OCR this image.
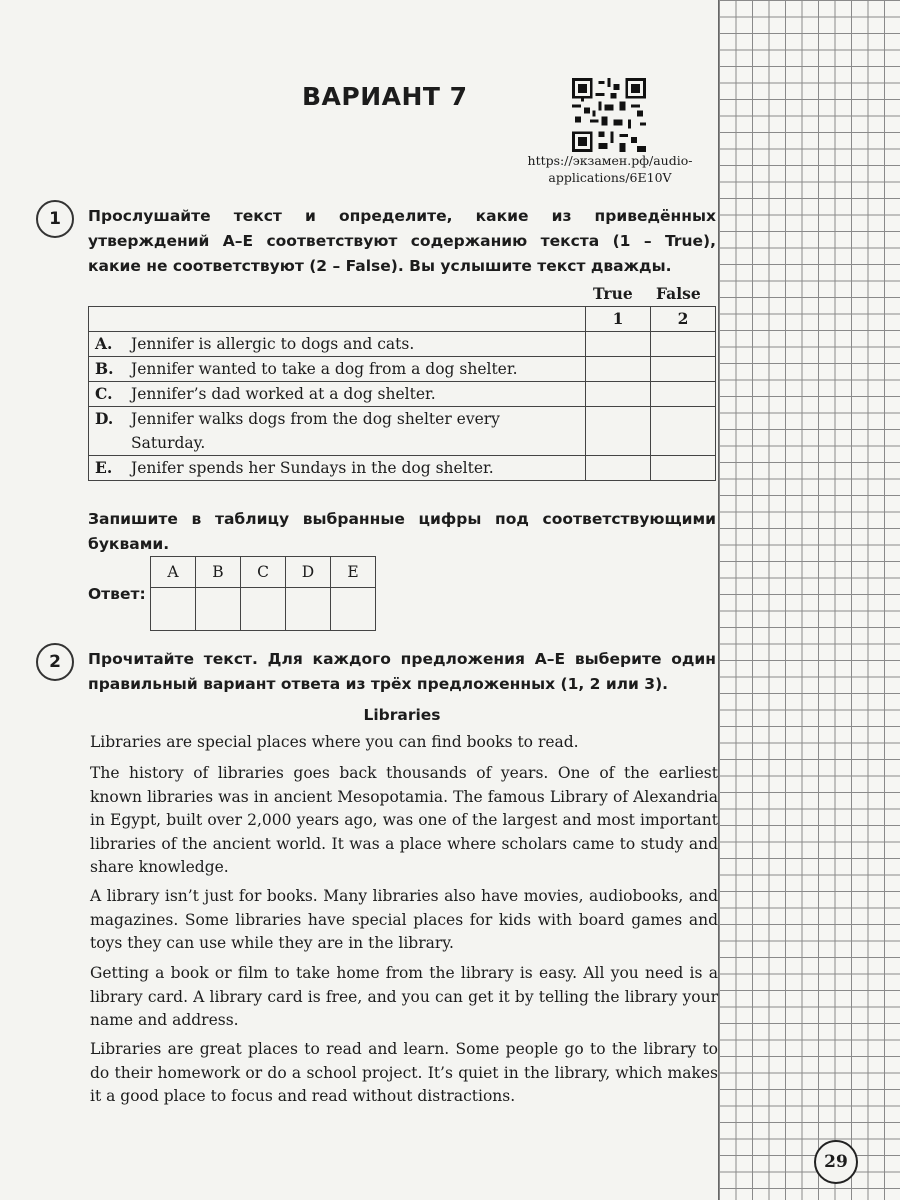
ВАРИАНТ 7
https://экзамен.рф/audio-applications/6E10V
1	Прослушайте текст и определите, какие из приведённых утверждений А–Е соответствуют содержанию текста (1 – True), какие не соответствуют (2 – False). Вы услышите текст дважды.
True False
	1	2

A. Jennifer is allergic to dogs and cats.		

B. Jennifer wanted to take a dog from a dog shelter.		

C. Jennifer’s dad worked at a dog shelter.		

D. Jennifer walks dogs from the dog shelter every Saturday.		

E. Jenifer spends her Sundays in the dog shelter.		

Запишите в таблицу выбранные цифры под соответствующими буквами.
Ответ:
A	B	C	D	E

2	Прочитайте текст. Для каждого предложения A–E выберите один правильный вариант ответа из трёх предложенных (1, 2 или 3).
Libraries
Libraries are special places where you can find books to read.
The history of libraries goes back thousands of years. One of the earliest known libraries was in ancient Mesopotamia. The famous Library of Alexandria in Egypt, built over 2,000 years ago, was one of the largest and most important libraries of the ancient world. It was a place where scholars came to study and share knowledge.
A library isn’t just for books. Many libraries also have movies, audiobooks, and magazines. Some libraries have special places for kids with board games and toys they can use while they are in the library.
Getting a book or film to take home from the library is easy. All you need is a library card. A library card is free, and you can get it by telling the library your name and address.
Libraries are great places to read and learn. Some people go to the library to do their homework or do a school project. It’s quiet in the library, which makes it a good place to focus and read without distractions.
29
